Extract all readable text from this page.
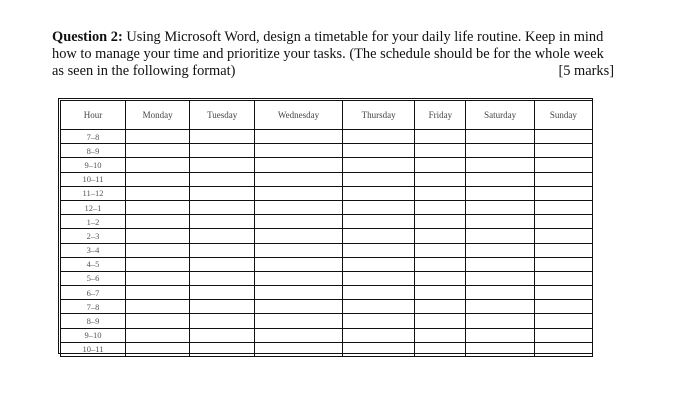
Question 2: Using Microsoft Word, design a timetable for your daily life routine. Keep in mind
how to manage your time and prioritize your tasks. (The schedule should be for the whole week
as seen in the following format)	[5 marks]
Hour	Monday	Tuesday	Wednesday	Thursday	Friday	Saturday	Sunday
7–8							
8–9							
9–10							
10–11							
11–12							
12–1							
1–2							
2–3							
3–4							
4–5							
5–6							
6–7							
7–8							
8–9							
9–10							
10–11							
